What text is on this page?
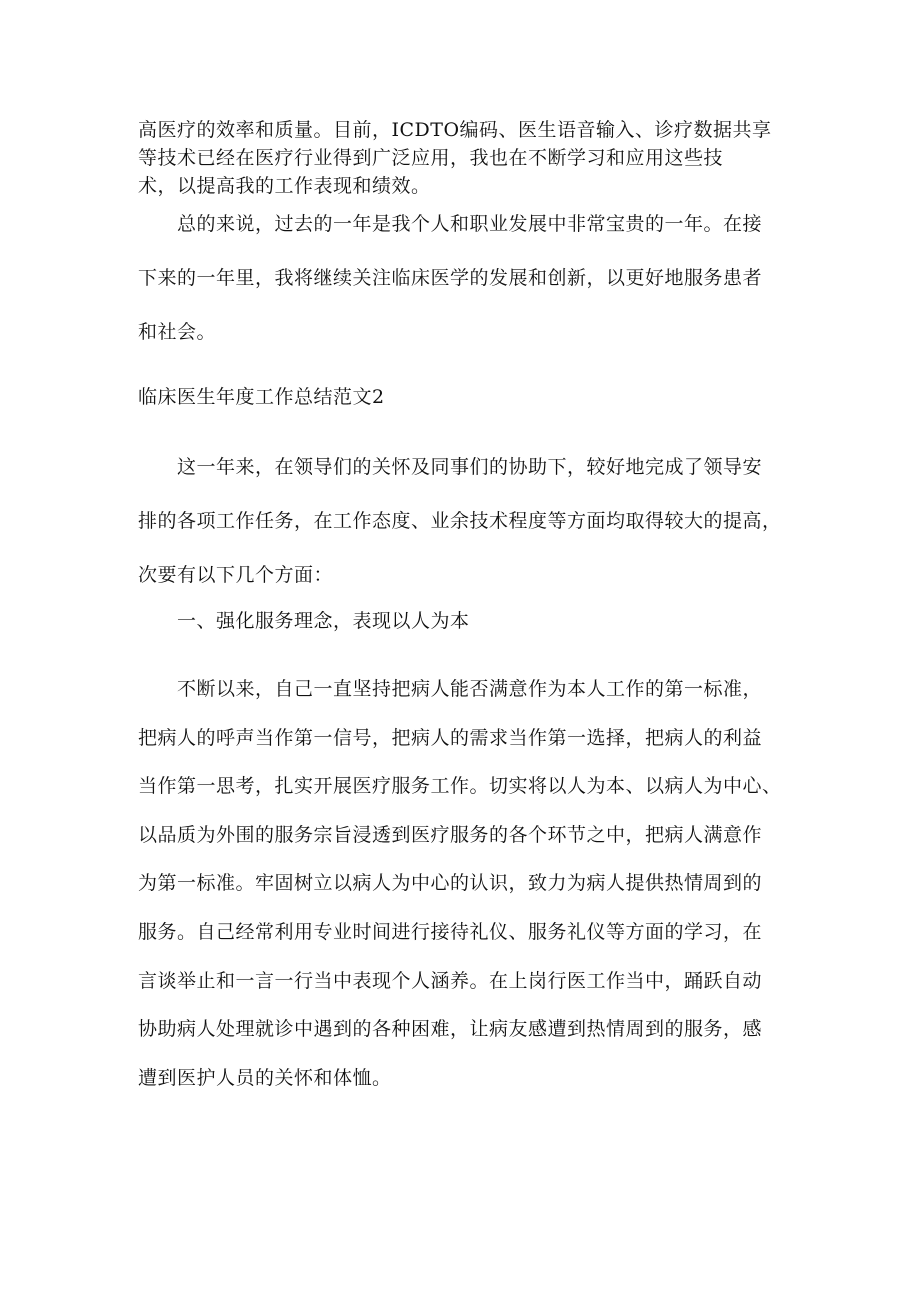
高医疗的效率和质量。目前，ICDTO编码、医生语音输入、诊疗数据共享
等技术已经在医疗行业得到广泛应用，我也在不断学习和应用这些技
术，以提高我的工作表现和绩效。
　　总的来说，过去的一年是我个人和职业发展中非常宝贵的一年。在接
下来的一年里，我将继续关注临床医学的发展和创新，以更好地服务患者
和社会。
临床医生年度工作总结范文2
　　这一年来，在领导们的关怀及同事们的协助下，较好地完成了领导安
排的各项工作任务，在工作态度、业余技术程度等方面均取得较大的提高，
次要有以下几个方面：
　　一、强化服务理念，表现以人为本
　　不断以来，自己一直坚持把病人能否满意作为本人工作的第一标准，
把病人的呼声当作第一信号，把病人的需求当作第一选择，把病人的利益
当作第一思考，扎实开展医疗服务工作。切实将以人为本、以病人为中心、
以品质为外围的服务宗旨浸透到医疗服务的各个环节之中，把病人满意作
为第一标准。牢固树立以病人为中心的认识，致力为病人提供热情周到的
服务。自己经常利用专业时间进行接待礼仪、服务礼仪等方面的学习，在
言谈举止和一言一行当中表现个人涵养。在上岗行医工作当中，踊跃自动
协助病人处理就诊中遇到的各种困难，让病友感遭到热情周到的服务，感
遭到医护人员的关怀和体恤。
